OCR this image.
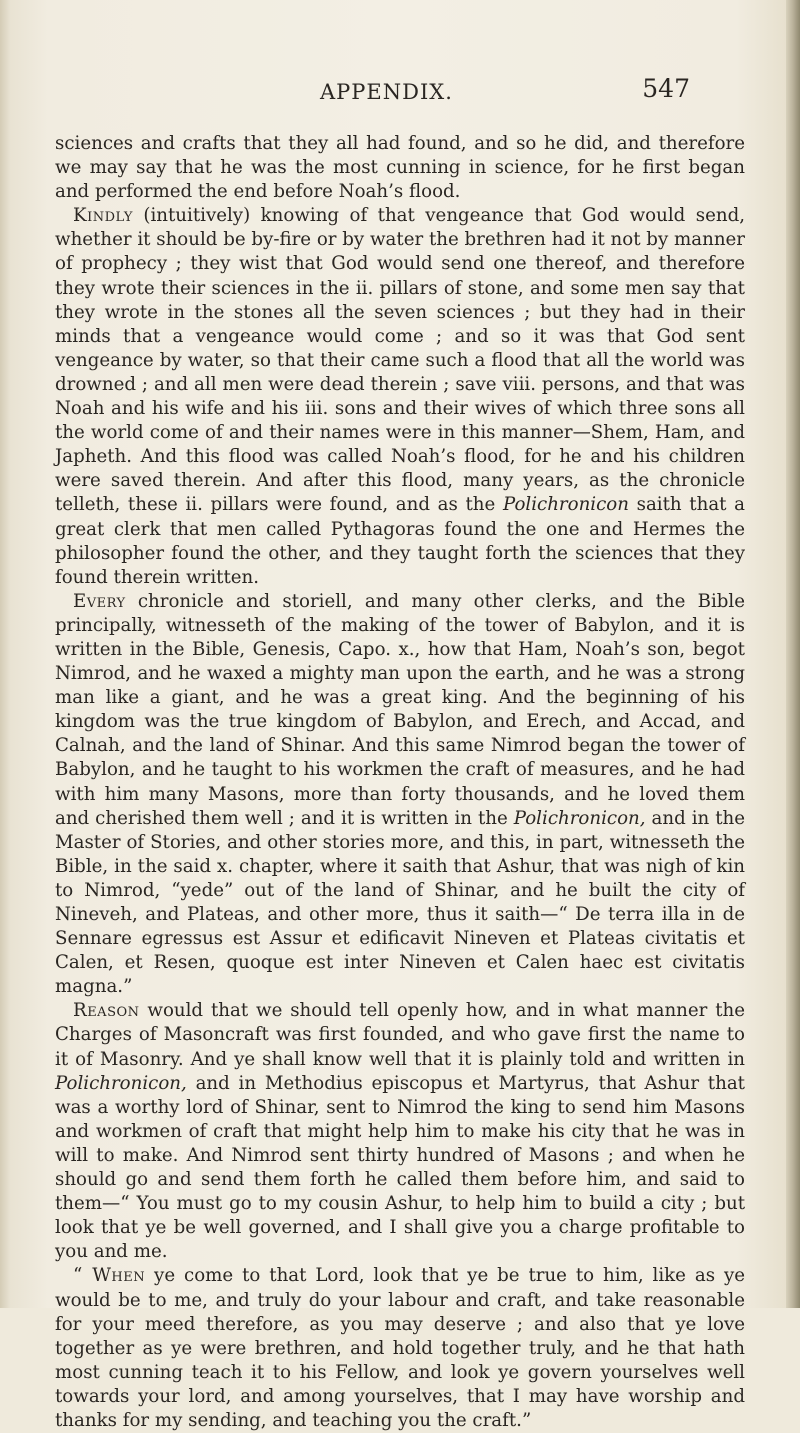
APPENDIX.	547

sciences and crafts that they all had found, and so he did, and therefore we may say that he was the most cunning in science, for he first began and performed the end before Noah’s flood.

Kindly (intuitively) knowing of that vengeance that God would send, whether it should be by-fire or by water the brethren had it not by manner of prophecy ; they wist that God would send one thereof, and therefore they wrote their sciences in the ii. pillars of stone, and some men say that they wrote in the stones all the seven sciences ; but they had in their minds that a vengeance would come ; and so it was that God sent vengeance by water, so that their came such a flood that all the world was drowned ; and all men were dead therein ; save viii. persons, and that was Noah and his wife and his iii. sons and their wives of which three sons all the world come of and their names were in this manner—Shem, Ham, and Japheth. And this flood was called Noah’s flood, for he and his children were saved therein. And after this flood, many years, as the chronicle telleth, these ii. pillars were found, and as the Polichronicon saith that a great clerk that men called Pythagoras found the one and Hermes the philosopher found the other, and they taught forth the sciences that they found therein written.

Every chronicle and storiell, and many other clerks, and the Bible principally, witnesseth of the making of the tower of Babylon, and it is written in the Bible, Genesis, Capo. x., how that Ham, Noah’s son, begot Nimrod, and he waxed a mighty man upon the earth, and he was a strong man like a giant, and he was a great king. And the beginning of his kingdom was the true kingdom of Babylon, and Erech, and Accad, and Calnah, and the land of Shinar. And this same Nimrod began the tower of Babylon, and he taught to his workmen the craft of measures, and he had with him many Masons, more than forty thousands, and he loved them and cherished them well ; and it is written in the Polichronicon, and in the Master of Stories, and other stories more, and this, in part, witnesseth the Bible, in the said x. chapter, where it saith that Ashur, that was nigh of kin to Nimrod, “yede” out of the land of Shinar, and he built the city of Nineveh, and Plateas, and other more, thus it saith—“ De terra illa in de Sennare egressus est Assur et edificavit Nineven et Plateas civitatis et Calen, et Resen, quoque est inter Nineven et Calen haec est civitatis magna.”

Reason would that we should tell openly how, and in what manner the Charges of Masoncraft was first founded, and who gave first the name to it of Masonry. And ye shall know well that it is plainly told and written in Polichronicon, and in Methodius episcopus et Martyrus, that Ashur that was a worthy lord of Shinar, sent to Nimrod the king to send him Masons and workmen of craft that might help him to make his city that he was in will to make. And Nimrod sent thirty hundred of Masons ; and when he should go and send them forth he called them before him, and said to them—“ You must go to my cousin Ashur, to help him to build a city ; but look that ye be well governed, and I shall give you a charge profitable to you and me.

“ When ye come to that Lord, look that ye be true to him, like as ye would be to me, and truly do your labour and craft, and take reasonable for your meed therefore, as you may deserve ; and also that ye love together as ye were brethren, and hold together truly, and he that hath most cunning teach it to his Fellow, and look ye govern yourselves well towards your lord, and among yourselves, that I may have worship and thanks for my sending, and teaching you the craft.”
